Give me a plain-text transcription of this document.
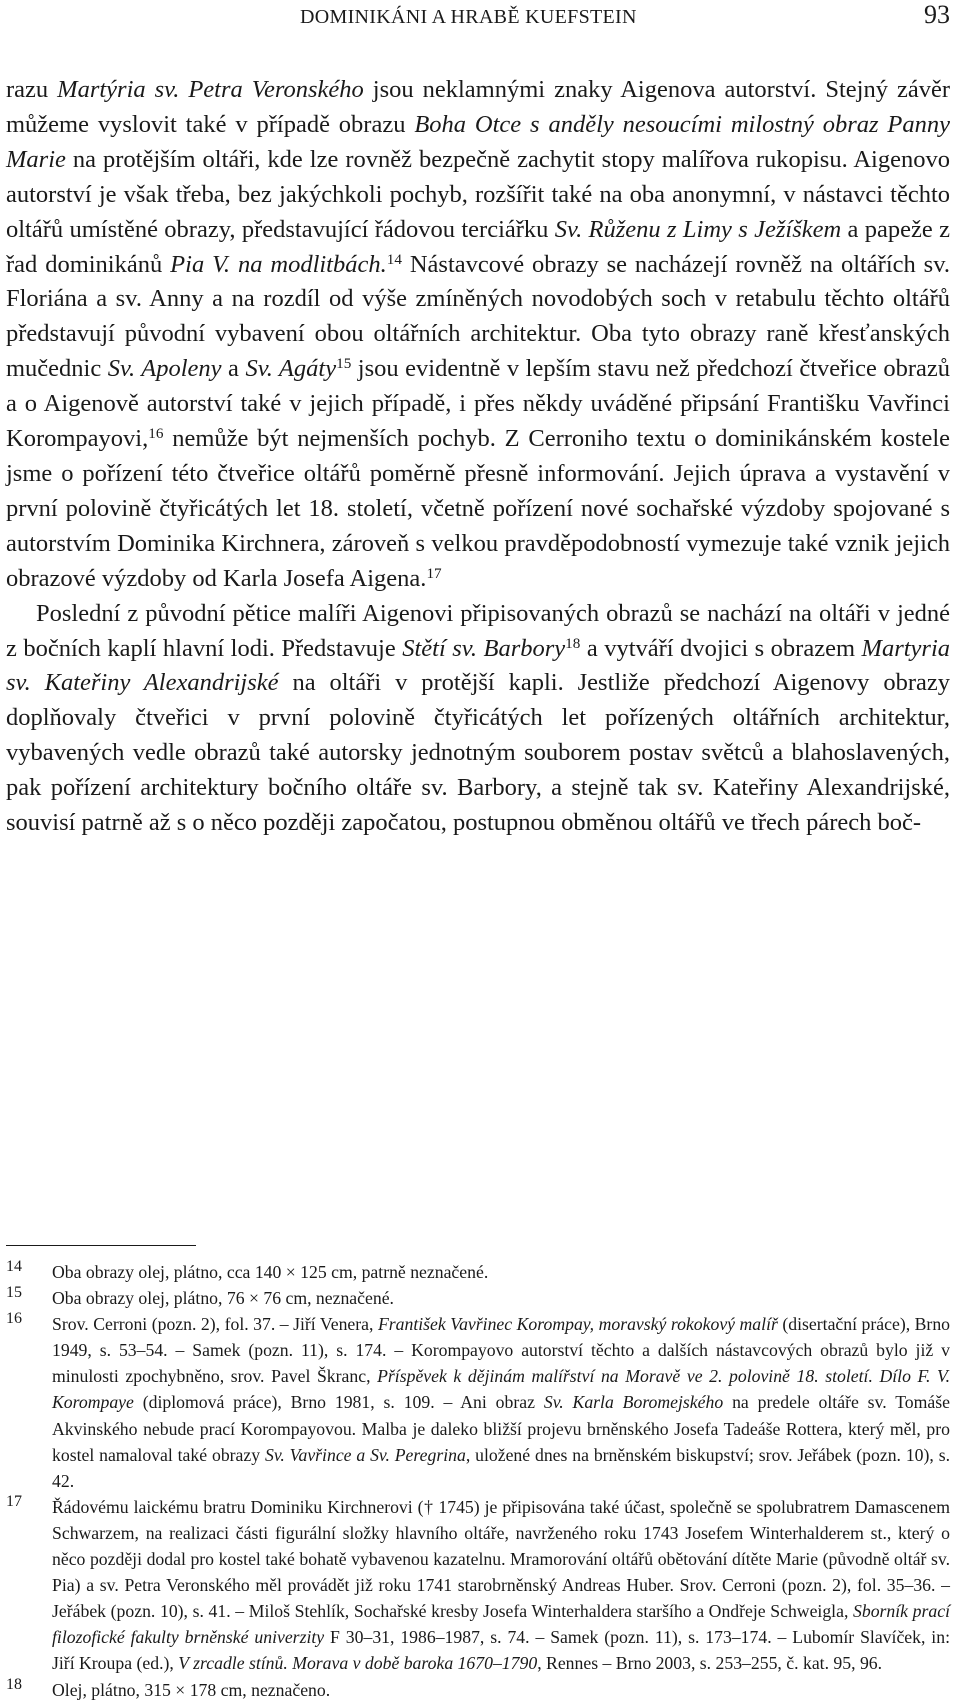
DOMINIKÁNI A HRABĚ KUEFSTEIN	93

razu Martýria sv. Petra Veronského jsou neklamnými znaky Aigenova autorství. Stejný závěr můžeme vyslovit také v případě obrazu Boha Otce s anděly nesoucími milostný obraz Panny Marie na protějším oltáři, kde lze rovněž bezpečně zachytit stopy malířova rukopisu. Aigenovo autorství je však třeba, bez jakýchkoli pochyb, rozšířit také na oba anonymní, v nástavci těchto oltářů umístěné obrazy, představující řádovou terciářku Sv. Růženu z Limy s Ježíškem a papeže z řad dominikánů Pia V. na modlitbách.$^{14}$ Nástavcové obrazy se nacházejí rovněž na oltářích sv. Floriána a sv. Anny a na rozdíl od výše zmíněných novodobých soch v retabulu těchto oltářů představují původní vybavení obou oltářních architektur. Oba tyto obrazy raně křesťanských mučednic Sv. Apoleny a Sv. Agáty$^{15}$ jsou evidentně v lepším stavu než předchozí čtveřice obrazů a o Aigenově autorství také v jejich případě, i přes někdy uváděné připsání Františku Vavřinci Korompayovi,$^{16}$ nemůže být nejmenších pochyb. Z Cerroniho textu o dominikánském kostele jsme o pořízení této čtveřice oltářů poměrně přesně informování. Jejich úprava a vystavění v první polovině čtyřicátých let 18. století, včetně pořízení nové sochařské výzdoby spojované s autorstvím Dominika Kirchnera, zároveň s velkou pravděpodobností vymezuje také vznik jejich obrazové výzdoby od Karla Josefa Aigena.$^{17}$

Poslední z původní pětice malíři Aigenovi připisovaných obrazů se nachází na oltáři v jedné z bočních kaplí hlavní lodi. Představuje Stětí sv. Barbory$^{18}$ a vytváří dvojici s obrazem Martyria sv. Kateřiny Alexandrijské na oltáři v protější kapli. Jestliže předchozí Aigenovy obrazy doplňovaly čtveřici v první polovině čtyřicátých let pořízených oltářních architektur, vybavených vedle obrazů také autorsky jednotným souborem postav světců a blahoslavených, pak pořízení architektury bočního oltáře sv. Barbory, a stejně tak sv. Kateřiny Alexandrijské, souvisí patrně až s o něco později započatou, postupnou obměnou oltářů ve třech párech boč-

14 Oba obrazy olej, plátno, cca 140 × 125 cm, patrně neznačené.
15 Oba obrazy olej, plátno, 76 × 76 cm, neznačené.
16 Srov. Cerroni (pozn. 2), fol. 37. – Jiří Venera, František Vavřinec Korompay, moravský rokokový malíř (disertační práce), Brno 1949, s. 53–54. – Samek (pozn. 11), s. 174. – Korompayovo autorství těchto a dalších nástavcových obrazů bylo již v minulosti zpochybněno, srov. Pavel Škranc, Příspěvek k dějinám malířství na Moravě ve 2. polovině 18. století. Dílo F. V. Korompaye (diplomová práce), Brno 1981, s. 109. – Ani obraz Sv. Karla Boromejského na predele oltáře sv. Tomáše Akvinského nebude prací Korompayovou. Malba je daleko bližší projevu brněnského Josefa Tadeáše Rottera, který měl, pro kostel namaloval také obrazy Sv. Vavřince a Sv. Peregrina, uložené dnes na brněnském biskupství; srov. Jeřábek (pozn. 10), s. 42.
17 Řádovému laickému bratru Dominiku Kirchnerovi († 1745) je připisována také účast, společně se spolubratrem Damascenem Schwarzem, na realizaci části figurální složky hlavního oltáře, navrženého roku 1743 Josefem Winterhalderem st., který o něco později dodal pro kostel také bohatě vybavenou kazatelnu. Mramorování oltářů obětování dítěte Marie (původně oltář sv. Pia) a sv. Petra Veronského měl provádět již roku 1741 starobrněnský Andreas Huber. Srov. Cerroni (pozn. 2), fol. 35–36. – Jeřábek (pozn. 10), s. 41. – Miloš Stehlík, Sochařské kresby Josefa Winterhaldera staršího a Ondřeje Schweigla, Sborník prací filozofické fakulty brněnské univerzity F 30–31, 1986–1987, s. 74. – Samek (pozn. 11), s. 173–174. – Lubomír Slavíček, in: Jiří Kroupa (ed.), V zrcadle stínů. Morava v době baroka 1670–1790, Rennes – Brno 2003, s. 253–255, č. kat. 95, 96.
18 Olej, plátno, 315 × 178 cm, neznačeno.
